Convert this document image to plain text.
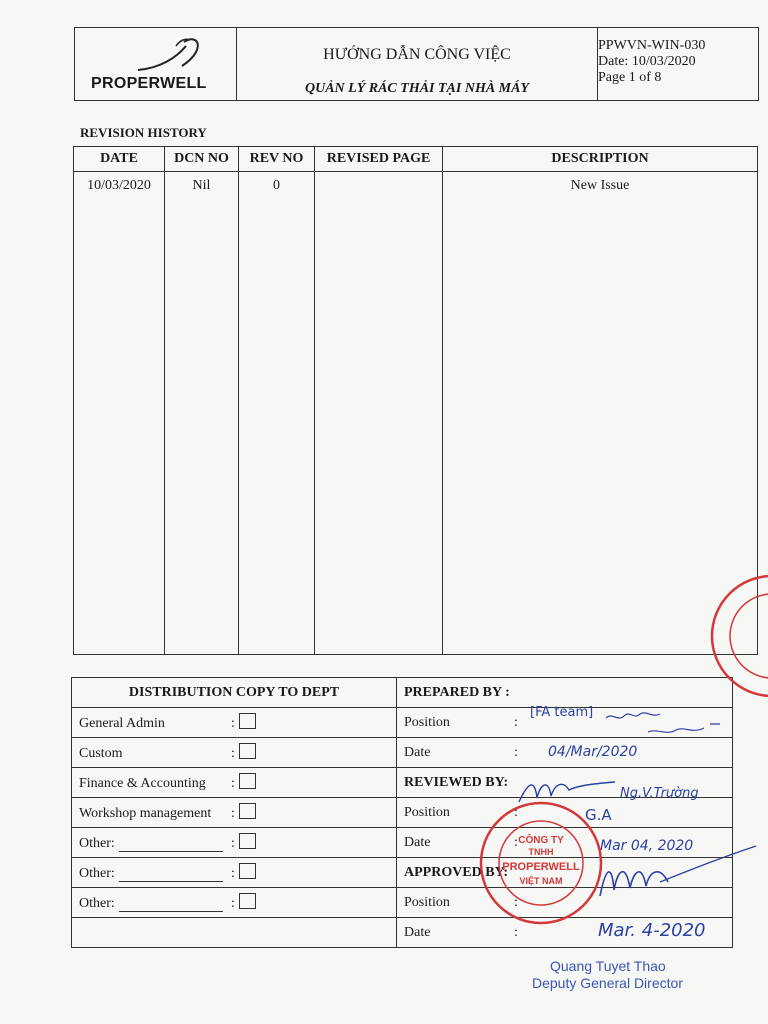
PROPERWELL
HƯỚNG DẪN CÔNG VIỆC
QUẢN LÝ RÁC THẢI TẠI NHÀ MÁY
PPWVN-WIN-030
Date: 10/03/2020
Page 1 of 8
REVISION HISTORY
DATE	DCN NO	REV NO	REVISED PAGE	DESCRIPTION
10/03/2020	Nil	0		New Issue
DISTRIBUTION COPY TO DEPT	PREPARED BY :
General Admin :	Position :
Custom :	Date :
Finance & Accounting :	REVIEWED BY:
Workshop management :	Position :
Other: :	Date :
Other: :	APPROVED BY:
Other: :	Position :
	Date :
[FA team]
04/Mar/2020
Ng.V.Trường
G.A
Mar 04, 2020
Mar. 4-2020
CÔNG TY
TNHH
PROPERWELL
VIỆT NAM
Quang Tuyet Thao
Deputy General Director
